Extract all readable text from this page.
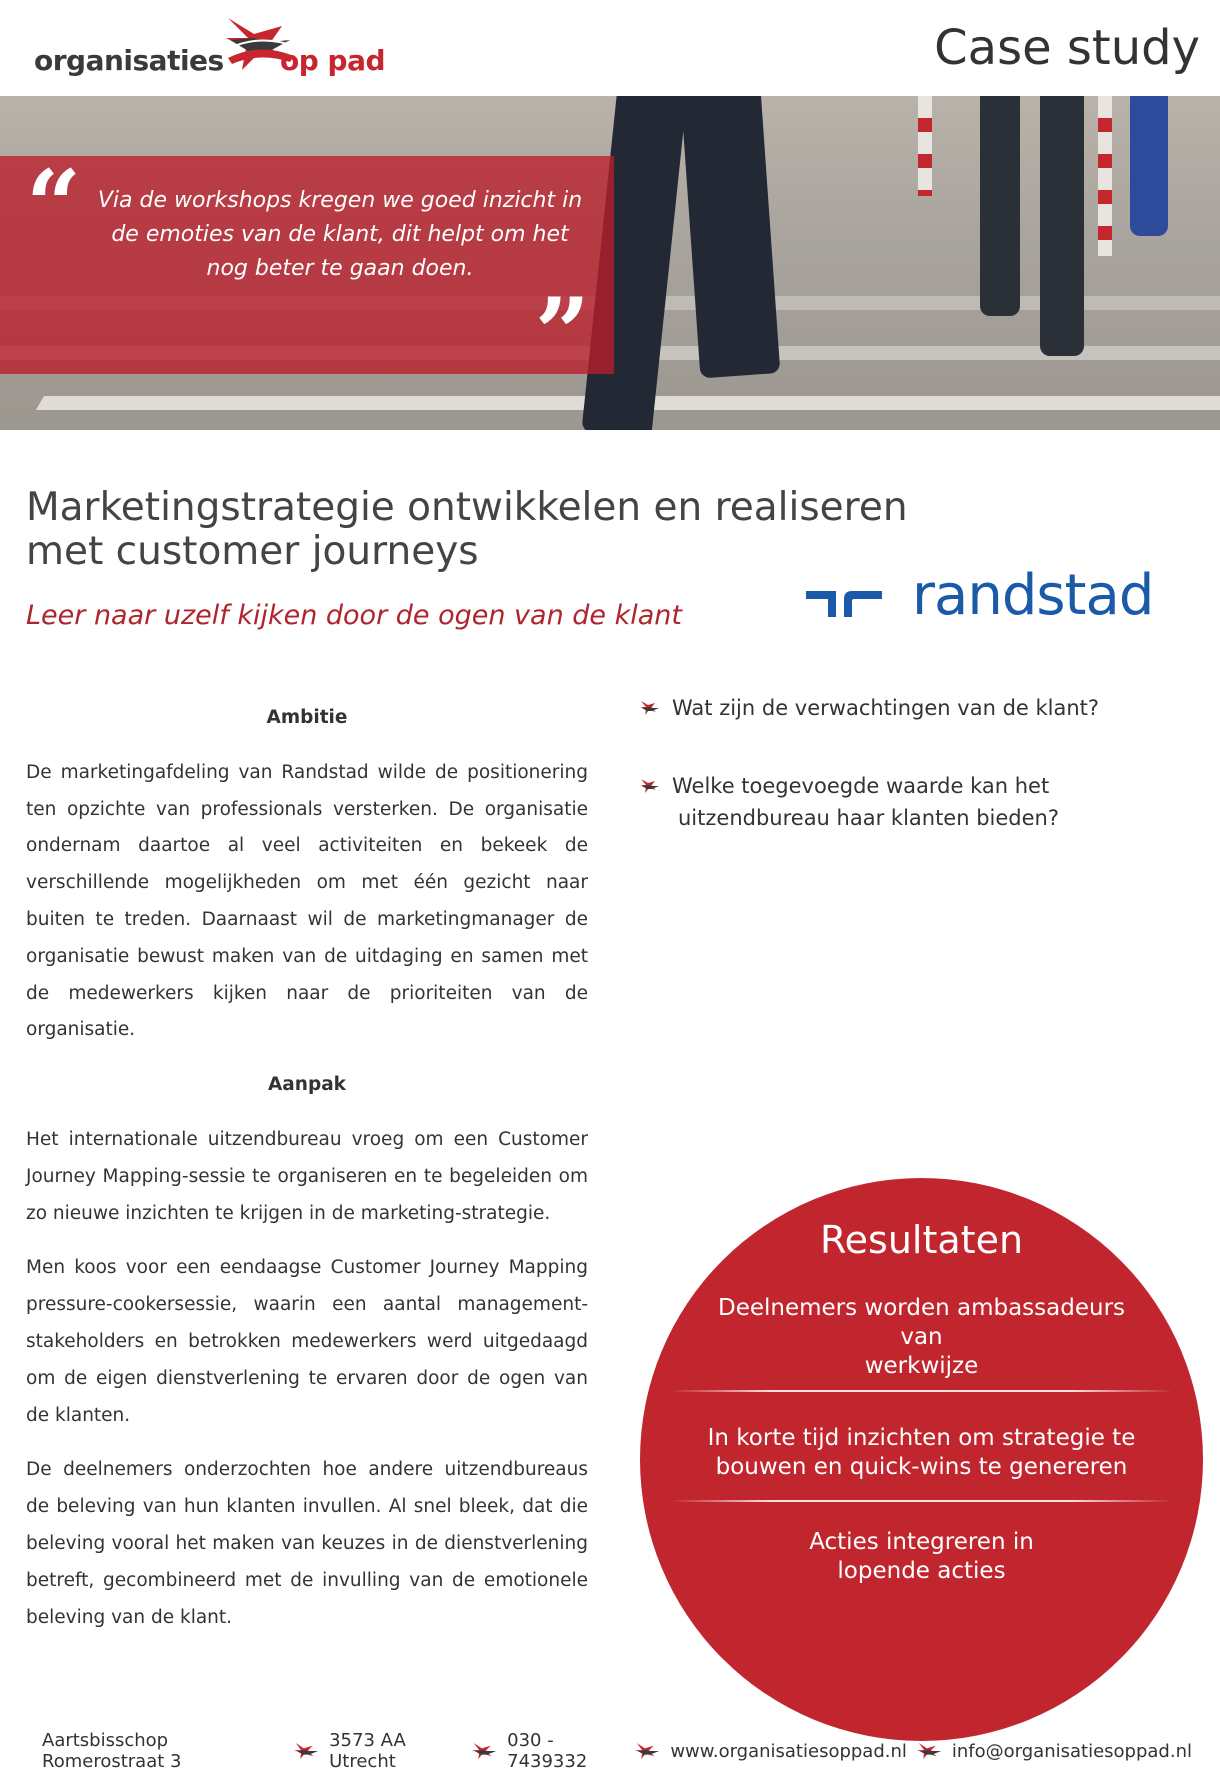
organisaties op pad	Case study
“ Via de workshops kregen we goed inzicht in de emoties van de klant, dit helpt om het nog beter te gaan doen.
”
Marketingstrategie ontwikkelen en realiseren
met customer journeys
Leer naar uzelf kijken door de ogen van de klant	randstad
Ambitie

De marketingafdeling van Randstad wilde de positionering ten opzichte van professionals versterken. De organisatie ondernam daartoe al veel activiteiten en bekeek de verschillende mogelijkheden om met één gezicht naar buiten te treden. Daarnaast wil de marketingmanager de organisatie bewust maken van de uitdaging en samen met de medewerkers kijken naar de prioriteiten van de organisatie.

Aanpak

Het internationale uitzendbureau vroeg om een Customer Journey Mapping-sessie te organiseren en te begeleiden om zo nieuwe inzichten te krijgen in de marketing-strategie.

Men koos voor een eendaagse Customer Journey Mapping pressure-cookersessie, waarin een aantal management-stakeholders en betrokken medewerkers werd uitgedaagd om de eigen dienstverlening te ervaren door de ogen van de klanten.

De deelnemers onderzochten hoe andere uitzendbureaus de beleving van hun klanten invullen. Al snel bleek, dat die beleving vooral het maken van keuzes in de dienstverlening betreft, gecombineerd met de invulling van de emotionele beleving van de klant.

Wat zijn de verwachtingen van de klant?
Welke toegevoegde waarde kan het
uitzendbureau haar klanten bieden?
Resultaten
Deelnemers worden ambassadeurs van
werkwijze
In korte tijd inzichten om strategie te
bouwen en quick-wins te genereren
Acties integreren in
lopende acties
Aartsbisschop Romerostraat 3
3573 AA Utrecht
030 - 7439332	www.organisatiesoppad.nl info@organisatiesoppad.nl
